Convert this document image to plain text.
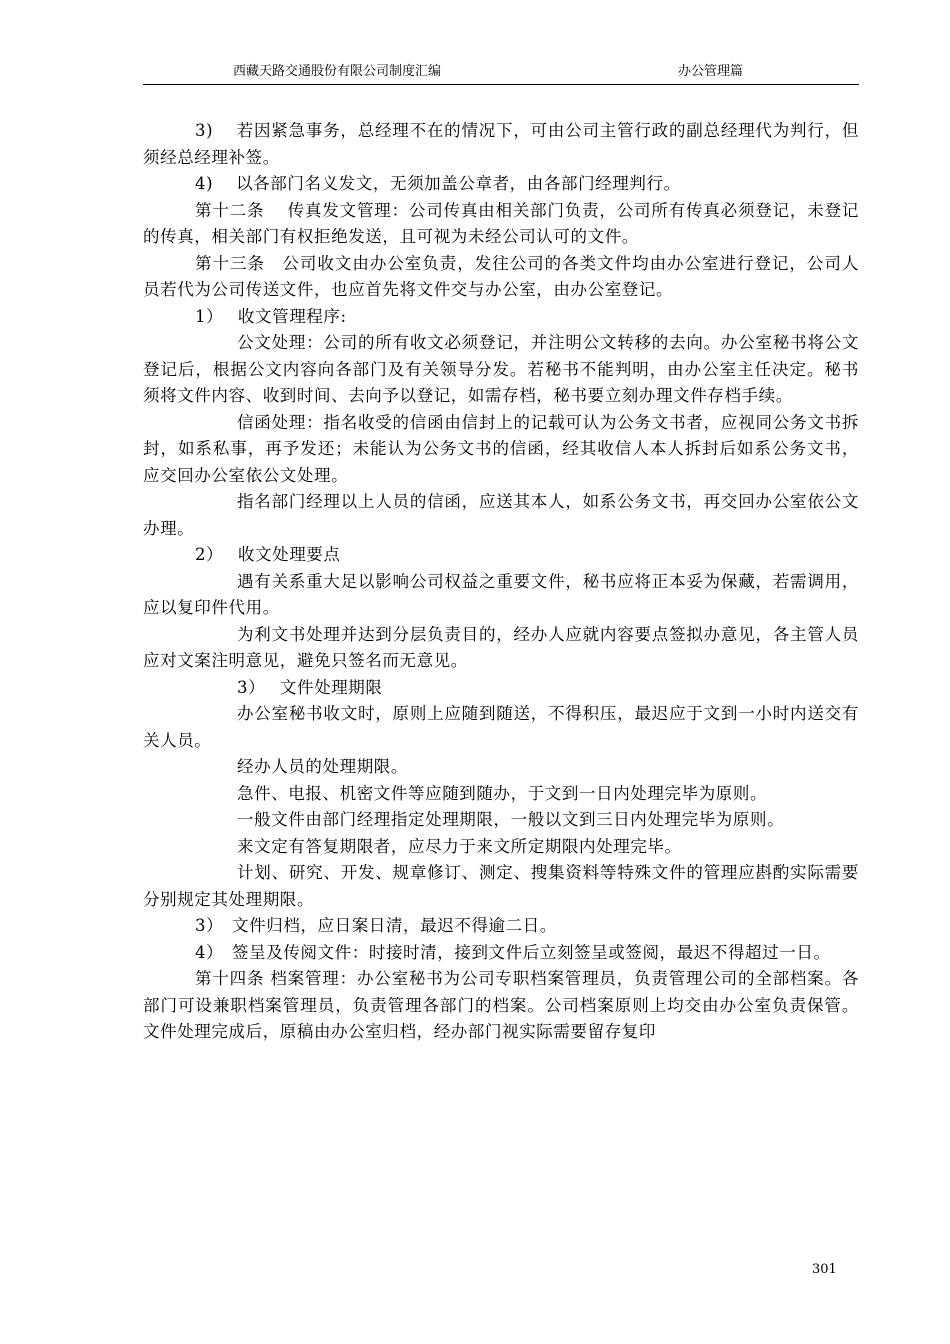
西藏天路交通股份有限公司制度汇编	办公管理篇

3)　 若因紧急事务，总经理不在的情况下，可由公司主管行政的副总经理代为判行，但须经总经理补签。

4)　 以各部门名义发文，无须加盖公章者，由各部门经理判行。

第十二条　 传真发文管理：公司传真由相关部门负责，公司所有传真必须登记，未登记的传真，相关部门有权拒绝发送，且可视为未经公司认可的文件。

第十三条　公司收文由办公室负责，发往公司的各类文件均由办公室进行登记，公司人员若代为公司传送文件，也应首先将文件交与办公室，由办公室登记。

1）　 收文管理程序:

公文处理：公司的所有收文必须登记，并注明公文转移的去向。办公室秘书将公文登记后，根据公文内容向各部门及有关领导分发。若秘书不能判明，由办公室主任决定。秘书须将文件内容、收到时间、去向予以登记，如需存档，秘书要立刻办理文件存档手续。

信函处理：指名收受的信函由信封上的记载可认为公务文书者，应视同公务文书拆封，如系私事，再予发还；未能认为公务文书的信函，经其收信人本人拆封后如系公务文书，应交回办公室依公文处理。

指名部门经理以上人员的信函，应送其本人，如系公务文书，再交回办公室依公文办理。

2）　 收文处理要点

遇有关系重大足以影响公司权益之重要文件，秘书应将正本妥为保藏，若需调用，应以复印件代用。

为利文书处理并达到分层负责目的，经办人应就内容要点签拟办意见，各主管人员应对文案注明意见，避免只签名而无意见。

3）　 文件处理期限

办公室秘书收文时，原则上应随到随送，不得积压，最迟应于文到一小时内送交有关人员。

经办人员的处理期限。

急件、电报、机密文件等应随到随办，于文到一日内处理完毕为原则。

一般文件由部门经理指定处理期限，一般以文到三日内处理完毕为原则。

来文定有答复期限者，应尽力于来文所定期限内处理完毕。

计划、研究、开发、规章修订、测定、搜集资料等特殊文件的管理应斟酌实际需要分别规定其处理期限。

3）　文件归档，应日案日清，最迟不得逾二日。

4）　签呈及传阅文件：时接时清，接到文件后立刻签呈或签阅，最迟不得超过一日。

第十四条 档案管理：办公室秘书为公司专职档案管理员，负责管理公司的全部档案。各部门可设兼职档案管理员，负责管理各部门的档案。公司档案原则上均交由办公室负责保管。文件处理完成后，原稿由办公室归档，经办部门视实际需要留存复印

301
